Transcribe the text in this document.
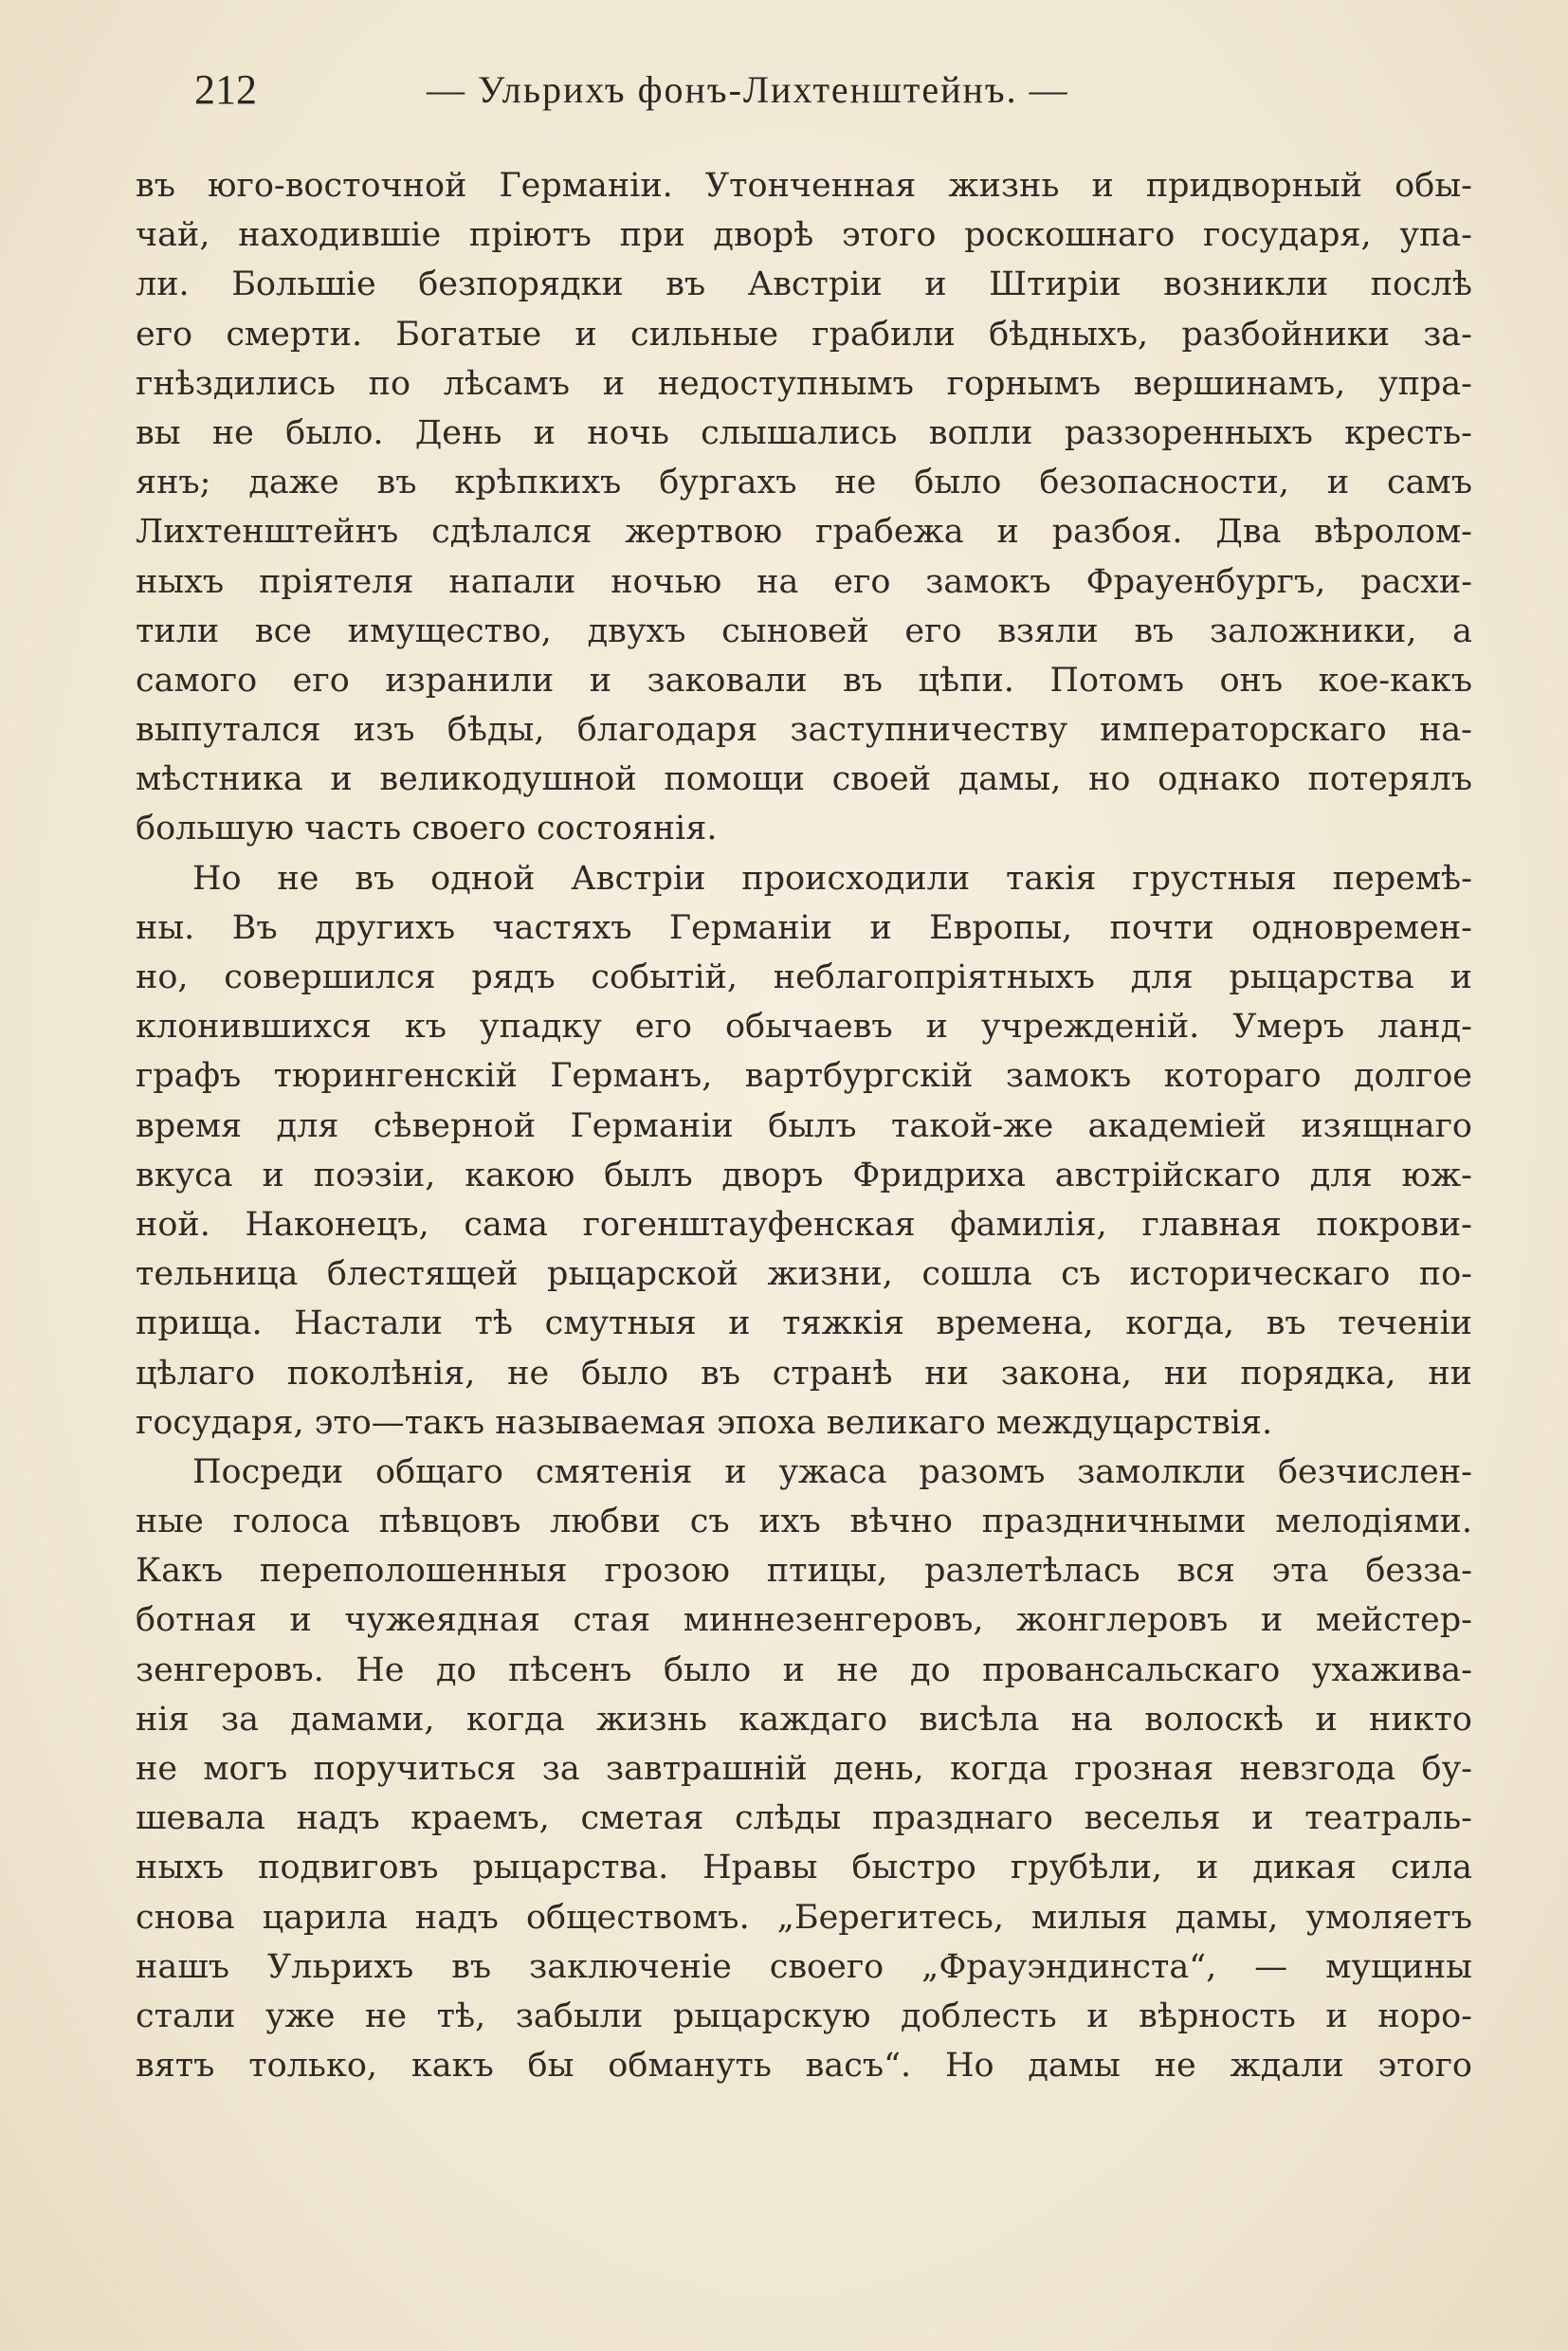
212	— Ульрихъ фонъ-Лихтенштейнъ. —
въ юго-восточной Германіи. Утонченная жизнь и придворный обы-
чай, находившіе пріютъ при дворѣ этого роскошнаго государя, упа-
ли. Большіе безпорядки въ Австріи и Штиріи возникли послѣ
его смерти. Богатые и сильные грабили бѣдныхъ, разбойники за-
гнѣздились по лѣсамъ и недоступнымъ горнымъ вершинамъ, упра-
вы не было. День и ночь слышались вопли раззоренныхъ кресть-
янъ; даже въ крѣпкихъ бургахъ не было безопасности, и самъ
Лихтенштейнъ сдѣлался жертвою грабежа и разбоя. Два вѣролом-
ныхъ пріятеля напали ночью на его замокъ Фрауенбургъ, расхи-
тили все имущество, двухъ сыновей его взяли въ заложники, а
самого его изранили и заковали въ цѣпи. Потомъ онъ кое-какъ
выпутался изъ бѣды, благодаря заступничеству императорскаго на-
мѣстника и великодушной помощи своей дамы, но однако потерялъ
большую часть своего состоянія.
Но не въ одной Австріи происходили такія грустныя перемѣ-
ны. Въ другихъ частяхъ Германіи и Европы, почти одновремен-
но, совершился рядъ событій, неблагопріятныхъ для рыцарства и
клонившихся къ упадку его обычаевъ и учрежденій. Умеръ ланд-
графъ тюрингенскій Германъ, вартбургскій замокъ котораго долгое
время для сѣверной Германіи былъ такой-же академіей изящнаго
вкуса и поэзіи, какою былъ дворъ Фридриха австрійскаго для юж-
ной. Наконецъ, сама гогенштауфенская фамилія, главная покрови-
тельница блестящей рыцарской жизни, сошла съ историческаго по-
прища. Настали тѣ смутныя и тяжкія времена, когда, въ теченіи
цѣлаго поколѣнія, не было въ странѣ ни закона, ни порядка, ни
государя, это—такъ называемая эпоха великаго междуцарствія.
Посреди общаго смятенія и ужаса разомъ замолкли безчислен-
ные голоса пѣвцовъ любви съ ихъ вѣчно праздничными мелодіями.
Какъ переполошенныя грозою птицы, разлетѣлась вся эта безза-
ботная и чужеядная стая миннезенгеровъ, жонглеровъ и мейстер-
зенгеровъ. Не до пѣсенъ было и не до провансальскаго ухажива-
нія за дамами, когда жизнь каждаго висѣла на волоскѣ и никто
не могъ поручиться за завтрашній день, когда грозная невзгода бу-
шевала надъ краемъ, сметая слѣды празднаго веселья и театраль-
ныхъ подвиговъ рыцарства. Нравы быстро грубѣли, и дикая сила
снова царила надъ обществомъ. „Берегитесь, милыя дамы, умоляетъ
нашъ Ульрихъ въ заключеніе своего „Фрауэндинста“, — мущины
стали уже не тѣ, забыли рыцарскую доблесть и вѣрность и норо-
вятъ только, какъ бы обмануть васъ“. Но дамы не ждали этого
